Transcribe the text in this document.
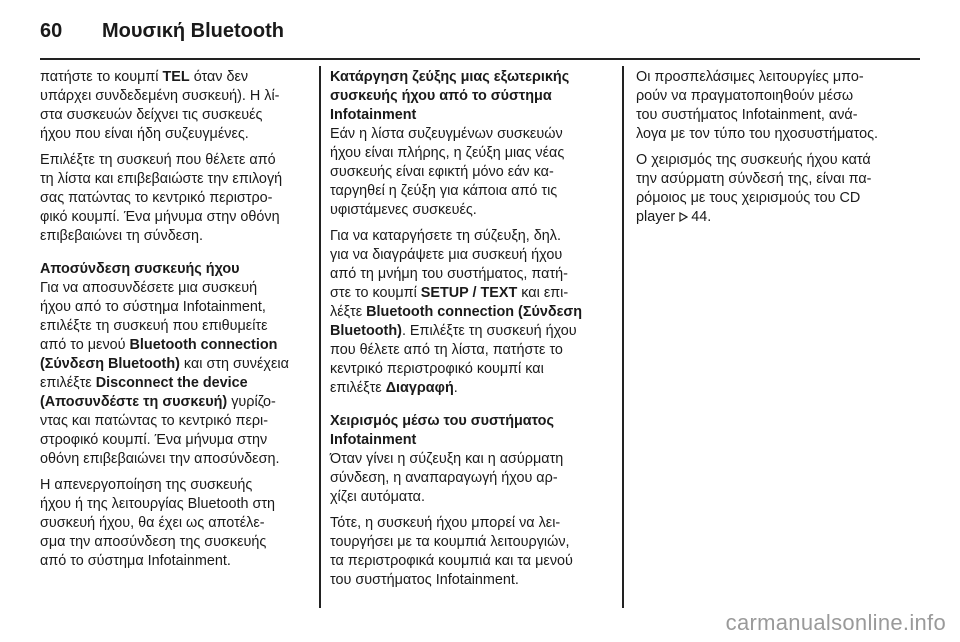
60	Μουσική Bluetooth
πατήστε το κουμπί TEL όταν δεν
υπάρχει συνδεδεμένη συσκευή). Η λί-
στα συσκευών δείχνει τις συσκευές
ήχου που είναι ήδη συζευγμένες.
Επιλέξτε τη συσκευή που θέλετε από
τη λίστα και επιβεβαιώστε την επιλογή
σας πατώντας το κεντρικό περιστρο-
φικό κουμπί. Ένα μήνυμα στην οθόνη
επιβεβαιώνει τη σύνδεση.
Αποσύνδεση συσκευής ήχου
Για να αποσυνδέσετε μια συσκευή
ήχου από το σύστημα Infotainment,
επιλέξτε τη συσκευή που επιθυμείτε
από το μενού Bluetooth connection
(Σύνδεση Bluetooth) και στη συνέχεια
επιλέξτε Disconnect the device
(Αποσυνδέστε τη συσκευή) γυρίζο-
ντας και πατώντας το κεντρικό περι-
στροφικό κουμπί. Ένα μήνυμα στην
οθόνη επιβεβαιώνει την αποσύνδεση.
Η απενεργοποίηση της συσκευής
ήχου ή της λειτουργίας Bluetooth στη
συσκευή ήχου, θα έχει ως αποτέλε-
σμα την αποσύνδεση της συσκευής
από το σύστημα Infotainment.
Κατάργηση ζεύξης μιας εξωτερικής
συσκευής ήχου από το σύστημα
Infotainment
Εάν η λίστα συζευγμένων συσκευών
ήχου είναι πλήρης, η ζεύξη μιας νέας
συσκευής είναι εφικτή μόνο εάν κα-
ταργηθεί η ζεύξη για κάποια από τις
υφιστάμενες συσκευές.
Για να καταργήσετε τη σύζευξη, δηλ.
για να διαγράψετε μια συσκευή ήχου
από τη μνήμη του συστήματος, πατή-
στε το κουμπί SETUP / TEXT και επι-
λέξτε Bluetooth connection (Σύνδεση
Bluetooth). Επιλέξτε τη συσκευή ήχου
που θέλετε από τη λίστα, πατήστε το
κεντρικό περιστροφικό κουμπί και
επιλέξτε Διαγραφή.
Χειρισμός μέσω του συστήματος
Infotainment
Όταν γίνει η σύζευξη και η ασύρματη
σύνδεση, η αναπαραγωγή ήχου αρ-
χίζει αυτόματα.
Τότε, η συσκευή ήχου μπορεί να λει-
τουργήσει με τα κουμπιά λειτουργιών,
τα περιστροφικά κουμπιά και τα μενού
του συστήματος Infotainment.
Οι προσπελάσιμες λειτουργίες μπο-
ρούν να πραγματοποιηθούν μέσω
του συστήματος Infotainment, ανά-
λογα με τον τύπο του ηχοσυστήματος.
Ο χειρισμός της συσκευής ήχου κατά
την ασύρματη σύνδεσή της, είναι πα-
ρόμοιος με τους χειρισμούς του CD
player 44.
carmanualsonline.info
